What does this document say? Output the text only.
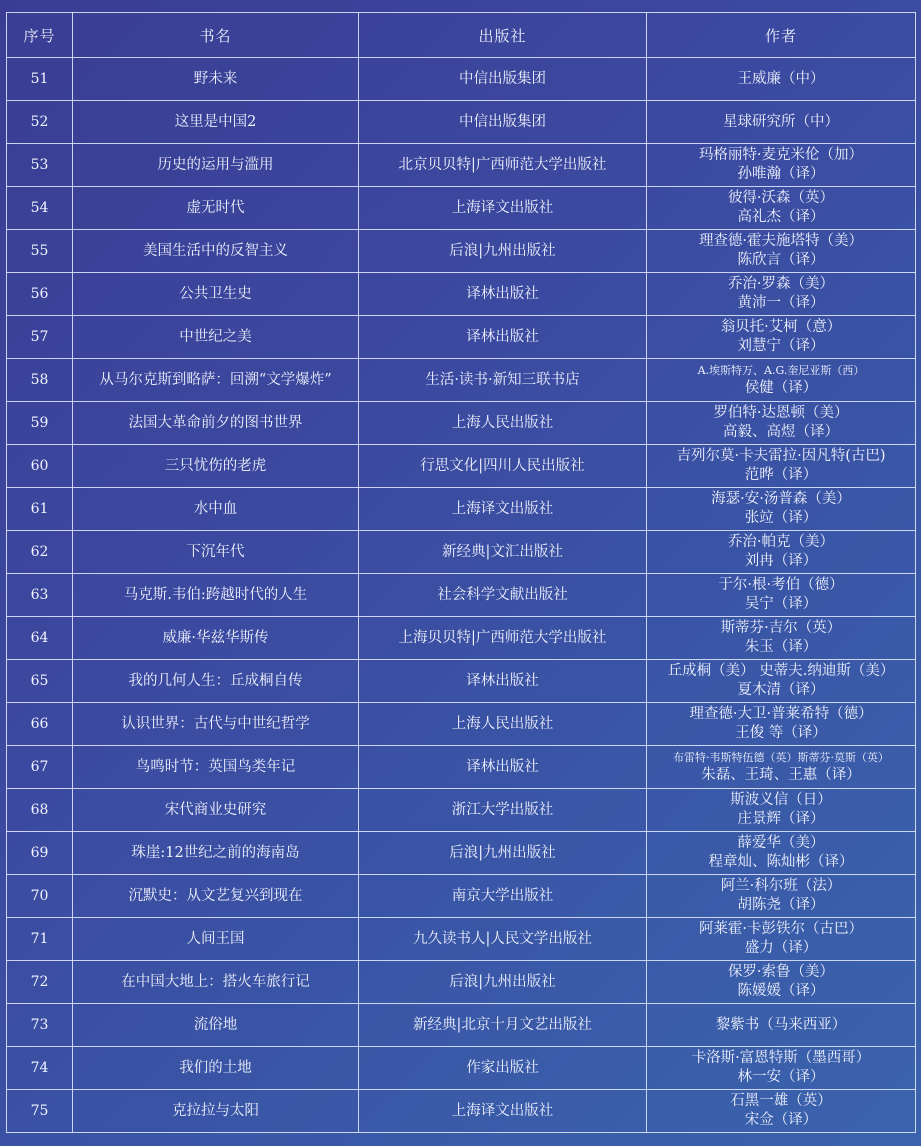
序号	书名	出版社	作者
51	野未来	中信出版集团	王威廉（中）

52	这里是中国2	中信出版集团	星球研究所（中）

53	历史的运用与滥用	北京贝贝特|广西师范大学出版社	玛格丽特·麦克米伦（加）
孙唯瀚（译）

54	虚无时代	上海译文出版社	彼得·沃森（英）
高礼杰（译）

55	美国生活中的反智主义	后浪|九州出版社	理查德·霍夫施塔特（美）
陈欣言（译）

56	公共卫生史	译林出版社	乔治·罗森（美）
黄沛一（译）

57	中世纪之美	译林出版社	翁贝托·艾柯（意）
刘慧宁（译）

58	从马尔克斯到略萨：回溯“文学爆炸”	生活·读书·新知三联书店	A.埃斯特万、A.G.奎尼亚斯（西）
侯健（译）

59	法国大革命前夕的图书世界	上海人民出版社	罗伯特·达恩顿（美）
高毅、高煜（译）

60	三只忧伤的老虎	行思文化|四川人民出版社	吉列尔莫·卡夫雷拉·因凡特(古巴)
范晔（译）

61	水中血	上海译文出版社	海瑟·安·汤普森（美）
张竝（译）

62	下沉年代	新经典|文汇出版社	乔治·帕克（美）
刘冉（译）

63	马克斯.韦伯:跨越时代的人生	社会科学文献出版社	于尔·根·考伯（德）
吴宁（译）

64	威廉·华兹华斯传	上海贝贝特|广西师范大学出版社	斯蒂芬·吉尔（英）
朱玉（译）

65	我的几何人生：丘成桐自传	译林出版社	丘成桐（美） 史蒂夫.纳迪斯（美）
夏木清（译）

66	认识世界：古代与中世纪哲学	上海人民出版社	理查德·大卫·普莱希特（德）
王俊 等（译）

67	鸟鸣时节：英国鸟类年记	译林出版社	布雷特·韦斯特伍德（英）斯蒂芬·莫斯（英）
朱磊、王琦、王惠（译）

68	宋代商业史研究	浙江大学出版社	斯波义信（日）
庄景辉（译）

69	珠崖:12世纪之前的海南岛	后浪|九州出版社	薛爱华（美）
程章灿、陈灿彬（译）

70	沉默史：从文艺复兴到现在	南京大学出版社	阿兰·科尔班（法）
胡陈尧（译）

71	人间王国	九久读书人|人民文学出版社	阿莱霍·卡彭铁尔（古巴）
盛力（译）

72	在中国大地上：搭火车旅行记	后浪|九州出版社	保罗·索鲁（美）
陈媛媛（译）

73	流俗地	新经典|北京十月文艺出版社	黎紫书（马来西亚）

74	我们的土地	作家出版社	卡洛斯·富恩特斯（墨西哥）
林一安（译）

75	克拉拉与太阳	上海译文出版社	石黑一雄（英）
宋佥（译）
